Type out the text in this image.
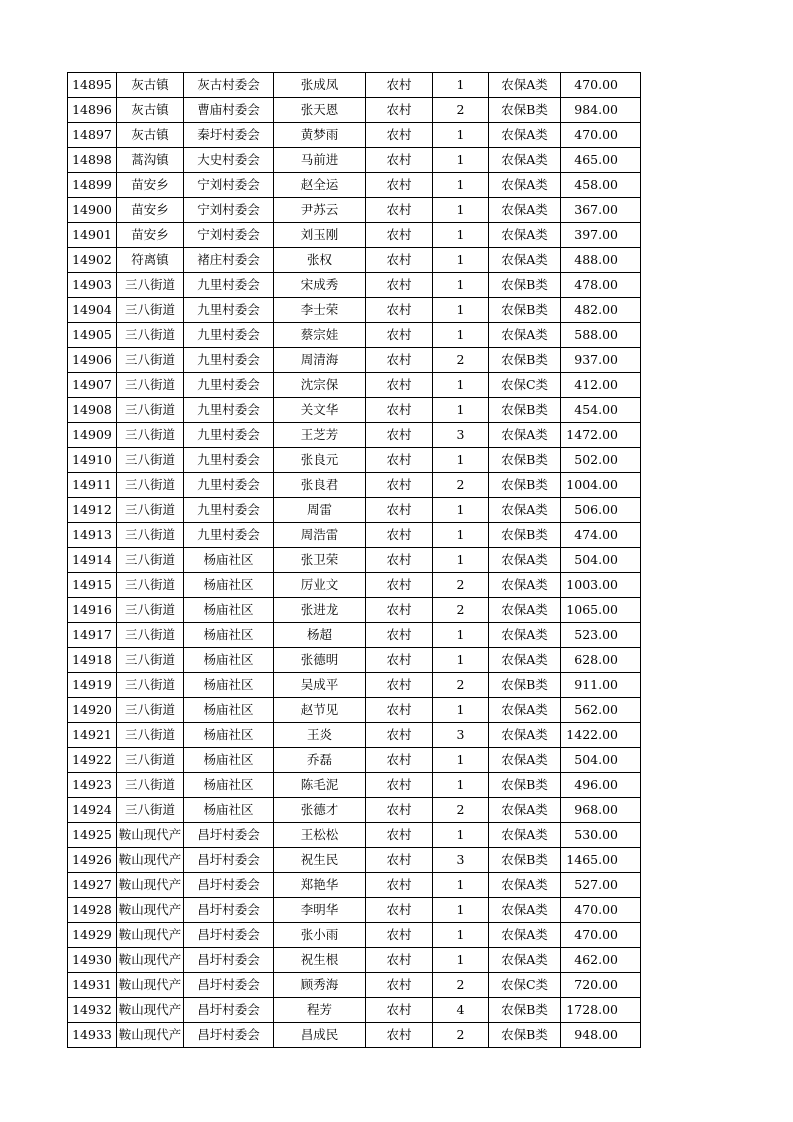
14895	灰古镇	灰古村委会	张成凤	农村	1	农保A类	470.00
14896	灰古镇	曹庙村委会	张天恩	农村	2	农保B类	984.00
14897	灰古镇	秦圩村委会	黄梦雨	农村	1	农保A类	470.00
14898	蒿沟镇	大史村委会	马前进	农村	1	农保A类	465.00
14899	苗安乡	宁刘村委会	赵全运	农村	1	农保A类	458.00
14900	苗安乡	宁刘村委会	尹苏云	农村	1	农保A类	367.00
14901	苗安乡	宁刘村委会	刘玉刚	农村	1	农保A类	397.00
14902	符离镇	褚庄村委会	张权	农村	1	农保A类	488.00
14903	三八街道	九里村委会	宋成秀	农村	1	农保B类	478.00
14904	三八街道	九里村委会	李士荣	农村	1	农保B类	482.00
14905	三八街道	九里村委会	蔡宗娃	农村	1	农保A类	588.00
14906	三八街道	九里村委会	周清海	农村	2	农保B类	937.00
14907	三八街道	九里村委会	沈宗保	农村	1	农保C类	412.00
14908	三八街道	九里村委会	关文华	农村	1	农保B类	454.00
14909	三八街道	九里村委会	王芝芳	农村	3	农保A类	1472.00
14910	三八街道	九里村委会	张良元	农村	1	农保B类	502.00
14911	三八街道	九里村委会	张良君	农村	2	农保B类	1004.00
14912	三八街道	九里村委会	周雷	农村	1	农保A类	506.00
14913	三八街道	九里村委会	周浩雷	农村	1	农保B类	474.00
14914	三八街道	杨庙社区	张卫荣	农村	1	农保A类	504.00
14915	三八街道	杨庙社区	厉业文	农村	2	农保A类	1003.00
14916	三八街道	杨庙社区	张进龙	农村	2	农保A类	1065.00
14917	三八街道	杨庙社区	杨超	农村	1	农保A类	523.00
14918	三八街道	杨庙社区	张德明	农村	1	农保A类	628.00
14919	三八街道	杨庙社区	吴成平	农村	2	农保B类	911.00
14920	三八街道	杨庙社区	赵节见	农村	1	农保A类	562.00
14921	三八街道	杨庙社区	王炎	农村	3	农保A类	1422.00
14922	三八街道	杨庙社区	乔磊	农村	1	农保A类	504.00
14923	三八街道	杨庙社区	陈毛泥	农村	1	农保B类	496.00
14924	三八街道	杨庙社区	张德才	农村	2	农保A类	968.00
14925	鞍山现代产	昌圩村委会	王松松	农村	1	农保A类	530.00
14926	鞍山现代产	昌圩村委会	祝生民	农村	3	农保B类	1465.00
14927	鞍山现代产	昌圩村委会	郑艳华	农村	1	农保A类	527.00
14928	鞍山现代产	昌圩村委会	李明华	农村	1	农保A类	470.00
14929	鞍山现代产	昌圩村委会	张小雨	农村	1	农保A类	470.00
14930	鞍山现代产	昌圩村委会	祝生根	农村	1	农保A类	462.00
14931	鞍山现代产	昌圩村委会	顾秀海	农村	2	农保C类	720.00
14932	鞍山现代产	昌圩村委会	程芳	农村	4	农保B类	1728.00
14933	鞍山现代产	昌圩村委会	昌成民	农村	2	农保B类	948.00
